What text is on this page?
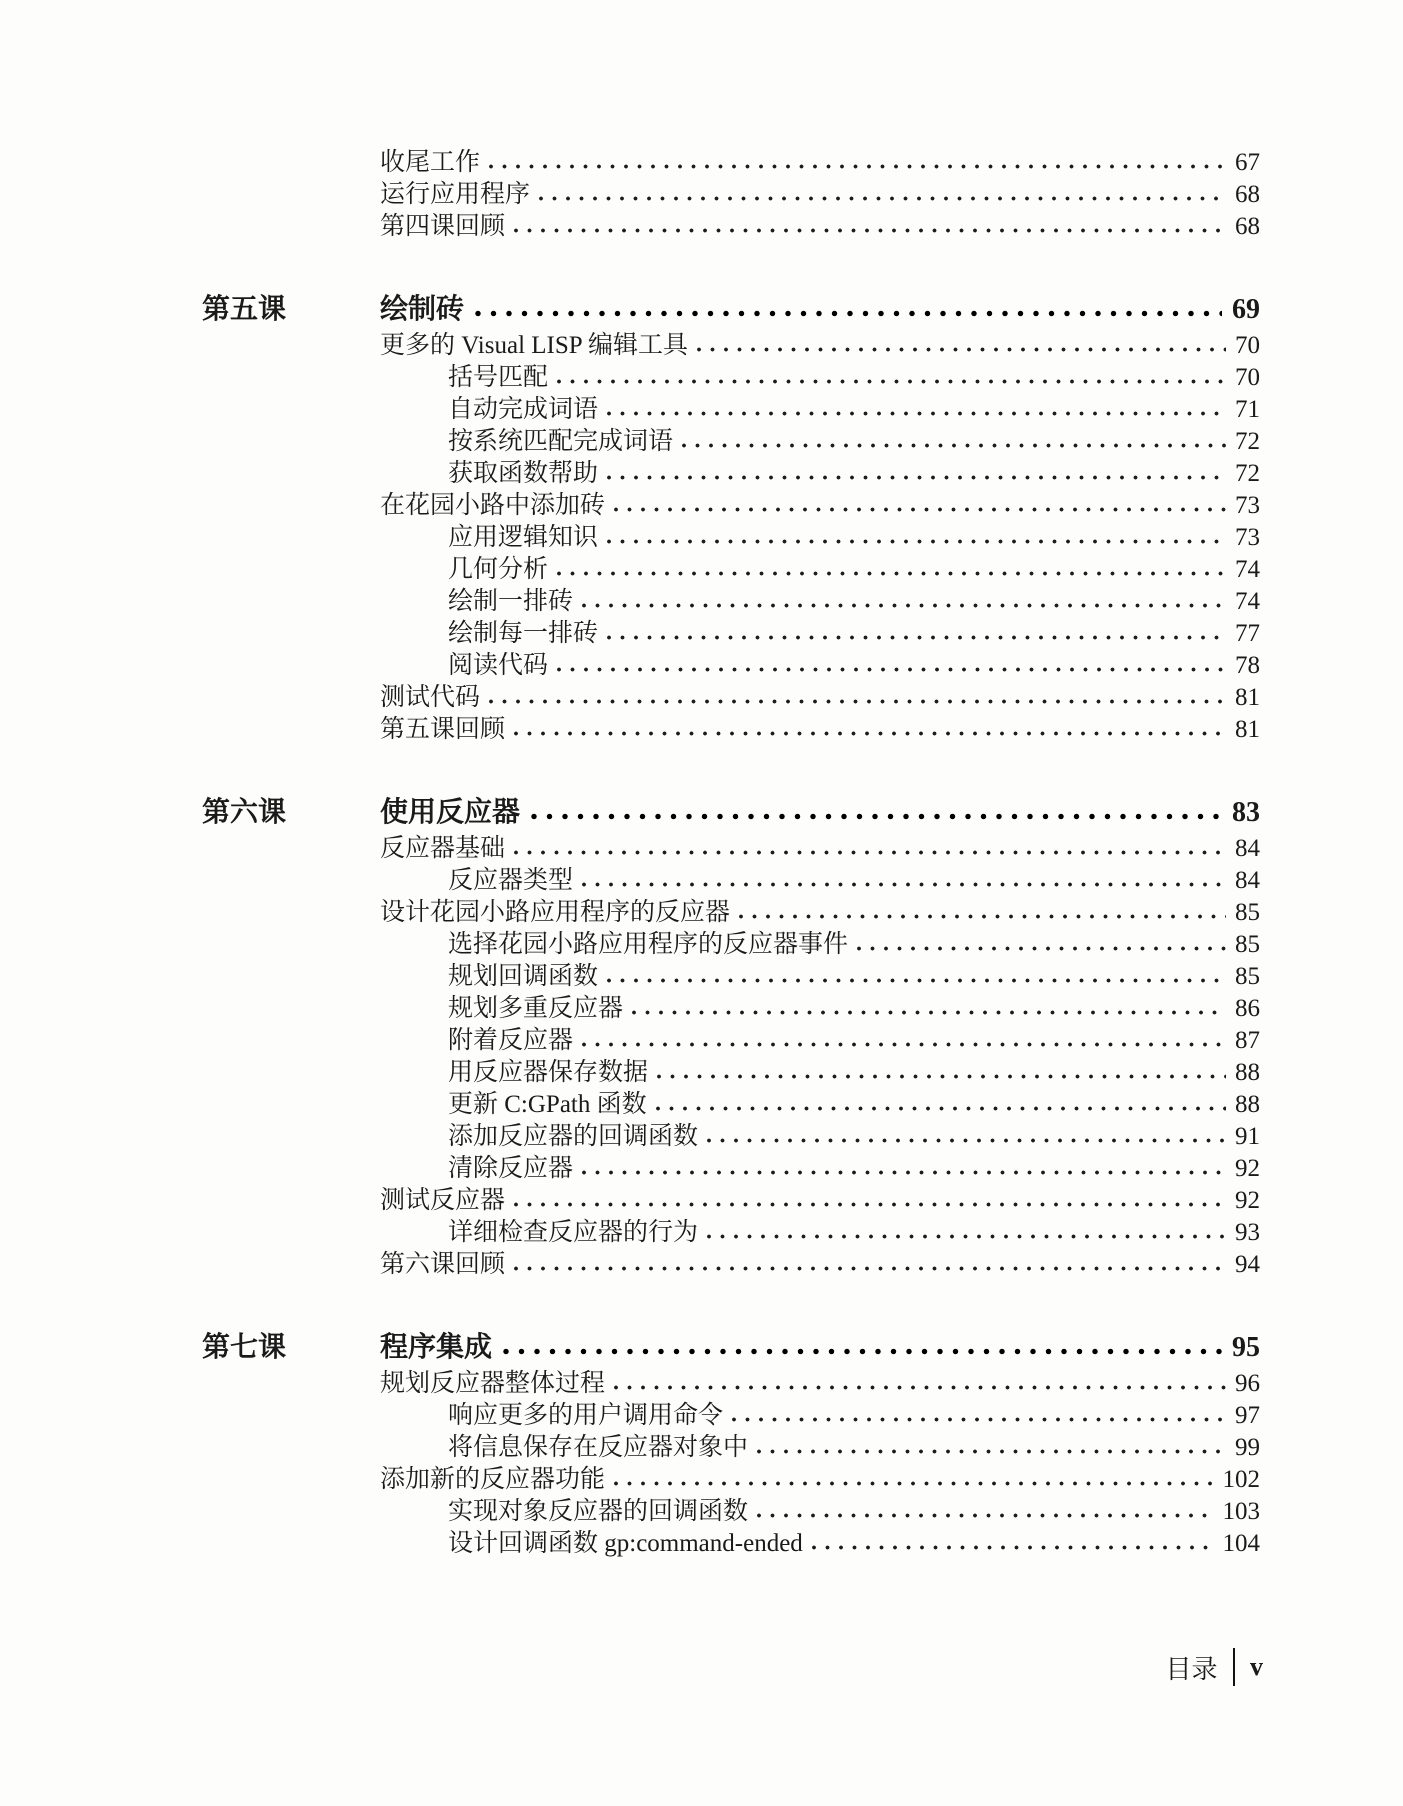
收尾工作	67
运行应用程序	68
第四课回顾	68
第五课	绘制砖	69
更多的 Visual LISP 编辑工具	70
括号匹配	70
自动完成词语	71
按系统匹配完成词语	72
获取函数帮助	72
在花园小路中添加砖	73
应用逻辑知识	73
几何分析	74
绘制一排砖	74
绘制每一排砖	77
阅读代码	78
测试代码	81
第五课回顾	81
第六课	使用反应器	83
反应器基础	84
反应器类型	84
设计花园小路应用程序的反应器	85
选择花园小路应用程序的反应器事件	85
规划回调函数	85
规划多重反应器	86
附着反应器	87
用反应器保存数据	88
更新 C:GPath 函数	88
添加反应器的回调函数	91
清除反应器	92
测试反应器	92
详细检查反应器的行为	93
第六课回顾	94
第七课	程序集成	95
规划反应器整体过程	96
响应更多的用户调用命令	97
将信息保存在反应器对象中	99
添加新的反应器功能	102
实现对象反应器的回调函数	103
设计回调函数 gp:command-ended	104
目录 v
